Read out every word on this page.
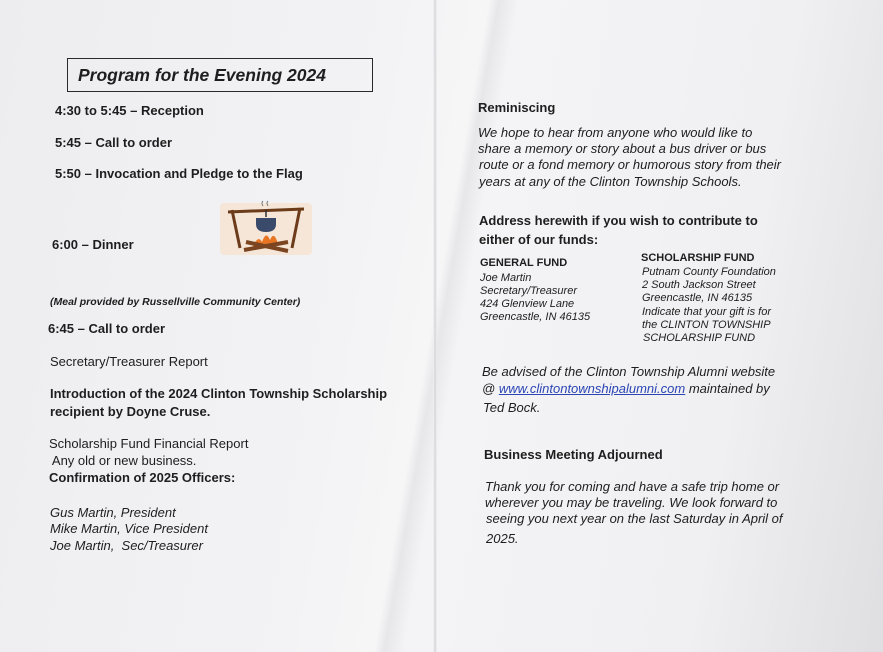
Program for the Evening 2024
4:30 to 5:45 – Reception
5:45 – Call to order
5:50 – Invocation and Pledge to the Flag
6:00 – Dinner
(Meal provided by Russellville Community Center)
6:45 – Call to order
Secretary/Treasurer Report
Introduction of the 2024 Clinton Township Scholarship
recipient by Doyne Cruse.
Scholarship Fund Financial Report
Any old or new business.
Confirmation of 2025 Officers:
Gus Martin, President
Mike Martin, Vice President
Joe Martin,  Sec/Treasurer
Reminiscing
We hope to hear from anyone who would like to
share a memory or story about a bus driver or bus
route or a fond memory or humorous story from their
years at any of the Clinton Township Schools.
Address herewith if you wish to contribute to
either of our funds:
GENERAL FUND
Joe Martin
Secretary/Treasurer
424 Glenview Lane
Greencastle, IN 46135
SCHOLARSHIP FUND
Putnam County Foundation
2 South Jackson Street
Greencastle, IN 46135
Indicate that your gift is for
the CLINTON TOWNSHIP
SCHOLARSHIP FUND
Be advised of the Clinton Township Alumni website
@ www.clintontownshipalumni.com maintained by
Ted Bock.
Business Meeting Adjourned
Thank you for coming and have a safe trip home or
wherever you may be traveling. We look forward to
seeing you next year on the last Saturday in April of
2025.
